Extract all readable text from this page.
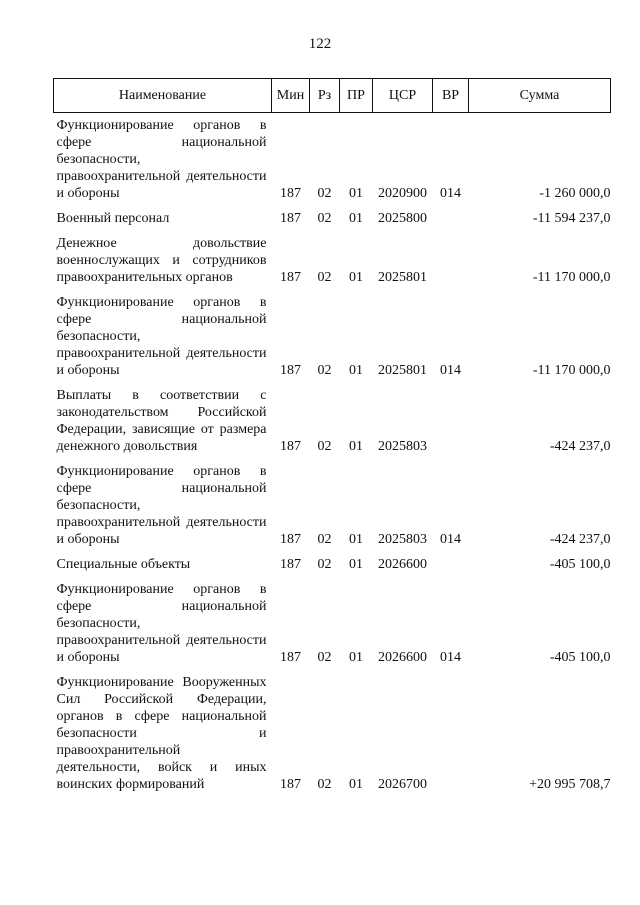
122
Наименование	Мин	Рз	ПР	ЦСР	ВР	Сумма
Функционирование органов в сфере национальной безопасности, правоохранительной деятельности и обороны	187	02	01	2020900	014	-1 260 000,0
Военный персонал	187	02	01	2025800		-11 594 237,0
Денежное довольствие военнослужащих и сотрудников правоохранительных органов	187	02	01	2025801		-11 170 000,0
Функционирование органов в сфере национальной безопасности, правоохранительной деятельности и обороны	187	02	01	2025801	014	-11 170 000,0
Выплаты в соответствии с законодательством Российской Федерации, зависящие от размера денежного довольствия	187	02	01	2025803		-424 237,0
Функционирование органов в сфере национальной безопасности, правоохранительной деятельности и обороны	187	02	01	2025803	014	-424 237,0
Специальные объекты	187	02	01	2026600		-405 100,0
Функционирование органов в сфере национальной безопасности, правоохранительной деятельности и обороны	187	02	01	2026600	014	-405 100,0
Функционирование Вооруженных Сил Российской Федерации, органов в сфере национальной безопасности и правоохранительной деятельности, войск и иных воинских формирований	187	02	01	2026700		+20 995 708,7
